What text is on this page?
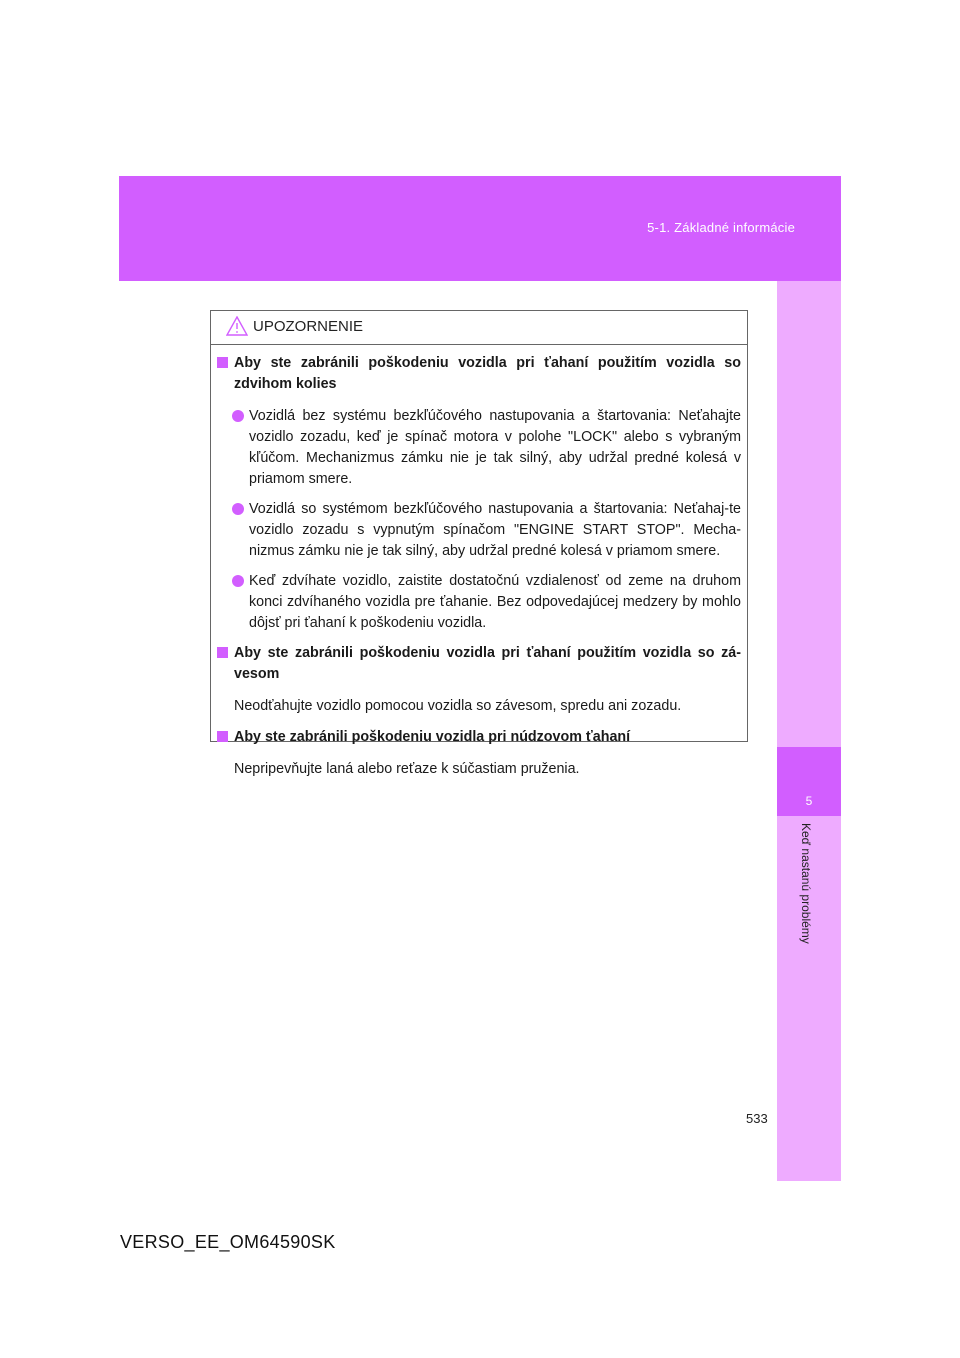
5-1. Základné informácie
5
Keď nastanú problémy
UPOZORNENIE
Aby ste zabránili poškodeniu vozidla pri ťahaní použitím vozidla so zdvihom kolies
Vozidlá bez systému bezkľúčového nastupovania a štartovania: Neťahajte vozidlo zozadu, keď je spínač motora v polohe "LOCK" alebo s vybraným kľúčom. Mechanizmus zámku nie je tak silný, aby udržal predné kolesá v priamom smere.
Vozidlá so systémom bezkľúčového nastupovania a štartovania: Neťahaj-te vozidlo zozadu s vypnutým spínačom "ENGINE START STOP". Mecha-nizmus zámku nie je tak silný, aby udržal predné kolesá v priamom smere.
Keď zdvíhate vozidlo, zaistite dostatočnú vzdialenosť od zeme na druhom konci zdvíhaného vozidla pre ťahanie. Bez odpovedajúcej medzery by mohlo dôjsť pri ťahaní k poškodeniu vozidla.
Aby ste zabránili poškodeniu vozidla pri ťahaní použitím vozidla so zá-vesom
Neodťahujte vozidlo pomocou vozidla so závesom, spredu ani zozadu.
Aby ste zabránili poškodeniu vozidla pri núdzovom ťahaní
Nepripevňujte laná alebo reťaze k súčastiam pruženia.
533
VERSO_EE_OM64590SK
